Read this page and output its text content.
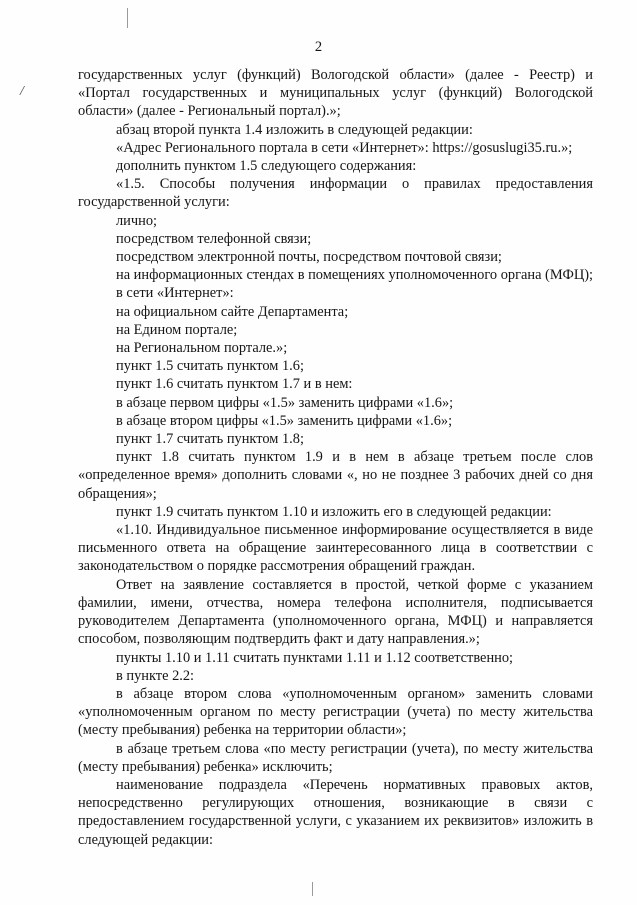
/
2

государственных услуг (функций) Вологодской области» (далее - Реестр) и «Портал государственных и муниципальных услуг (функций) Вологодской области» (далее - Региональный портал).»;

абзац второй пункта 1.4 изложить в следующей редакции:

«Адрес Регионального портала в сети «Интернет»: https://gosuslugi35.ru.»;

дополнить пунктом 1.5 следующего содержания:

«1.5. Способы получения информации о правилах предоставления государственной услуги:

лично;

посредством телефонной связи;

посредством электронной почты, посредством почтовой связи;

на информационных стендах в помещениях уполномоченного органа (МФЦ);

в сети «Интернет»:

на официальном сайте Департамента;

на Едином портале;

на Региональном портале.»;

пункт 1.5 считать пунктом 1.6;

пункт 1.6 считать пунктом 1.7 и в нем:

в абзаце первом цифры «1.5» заменить цифрами «1.6»;

в абзаце втором цифры «1.5» заменить цифрами «1.6»;

пункт 1.7 считать пунктом 1.8;

пункт 1.8 считать пунктом 1.9 и в нем в абзаце третьем после слов «определенное время» дополнить словами «, но не позднее 3 рабочих дней со дня обращения»;

пункт 1.9 считать пунктом 1.10 и изложить его в следующей редакции:

«1.10. Индивидуальное письменное информирование осуществляется в виде письменного ответа на обращение заинтересованного лица в соответствии с законодательством о порядке рассмотрения обращений граждан.

Ответ на заявление составляется в простой, четкой форме с указанием фамилии, имени, отчества, номера телефона исполнителя, подписывается руководителем Департамента (уполномоченного органа, МФЦ) и направляется способом, позволяющим подтвердить факт и дату направления.»;

пункты 1.10 и 1.11 считать пунктами 1.11 и 1.12 соответственно;

в пункте 2.2:

в абзаце втором слова «уполномоченным органом» заменить словами «уполномоченным органом по месту регистрации (учета) по месту жительства (месту пребывания) ребенка на территории области»;

в абзаце третьем слова «по месту регистрации (учета), по месту жительства (месту пребывания) ребенка» исключить;

наименование подраздела «Перечень нормативных правовых актов, непосредственно регулирующих отношения, возникающие в связи с предоставлением государственной услуги, с указанием их реквизитов» изложить в следующей редакции:
